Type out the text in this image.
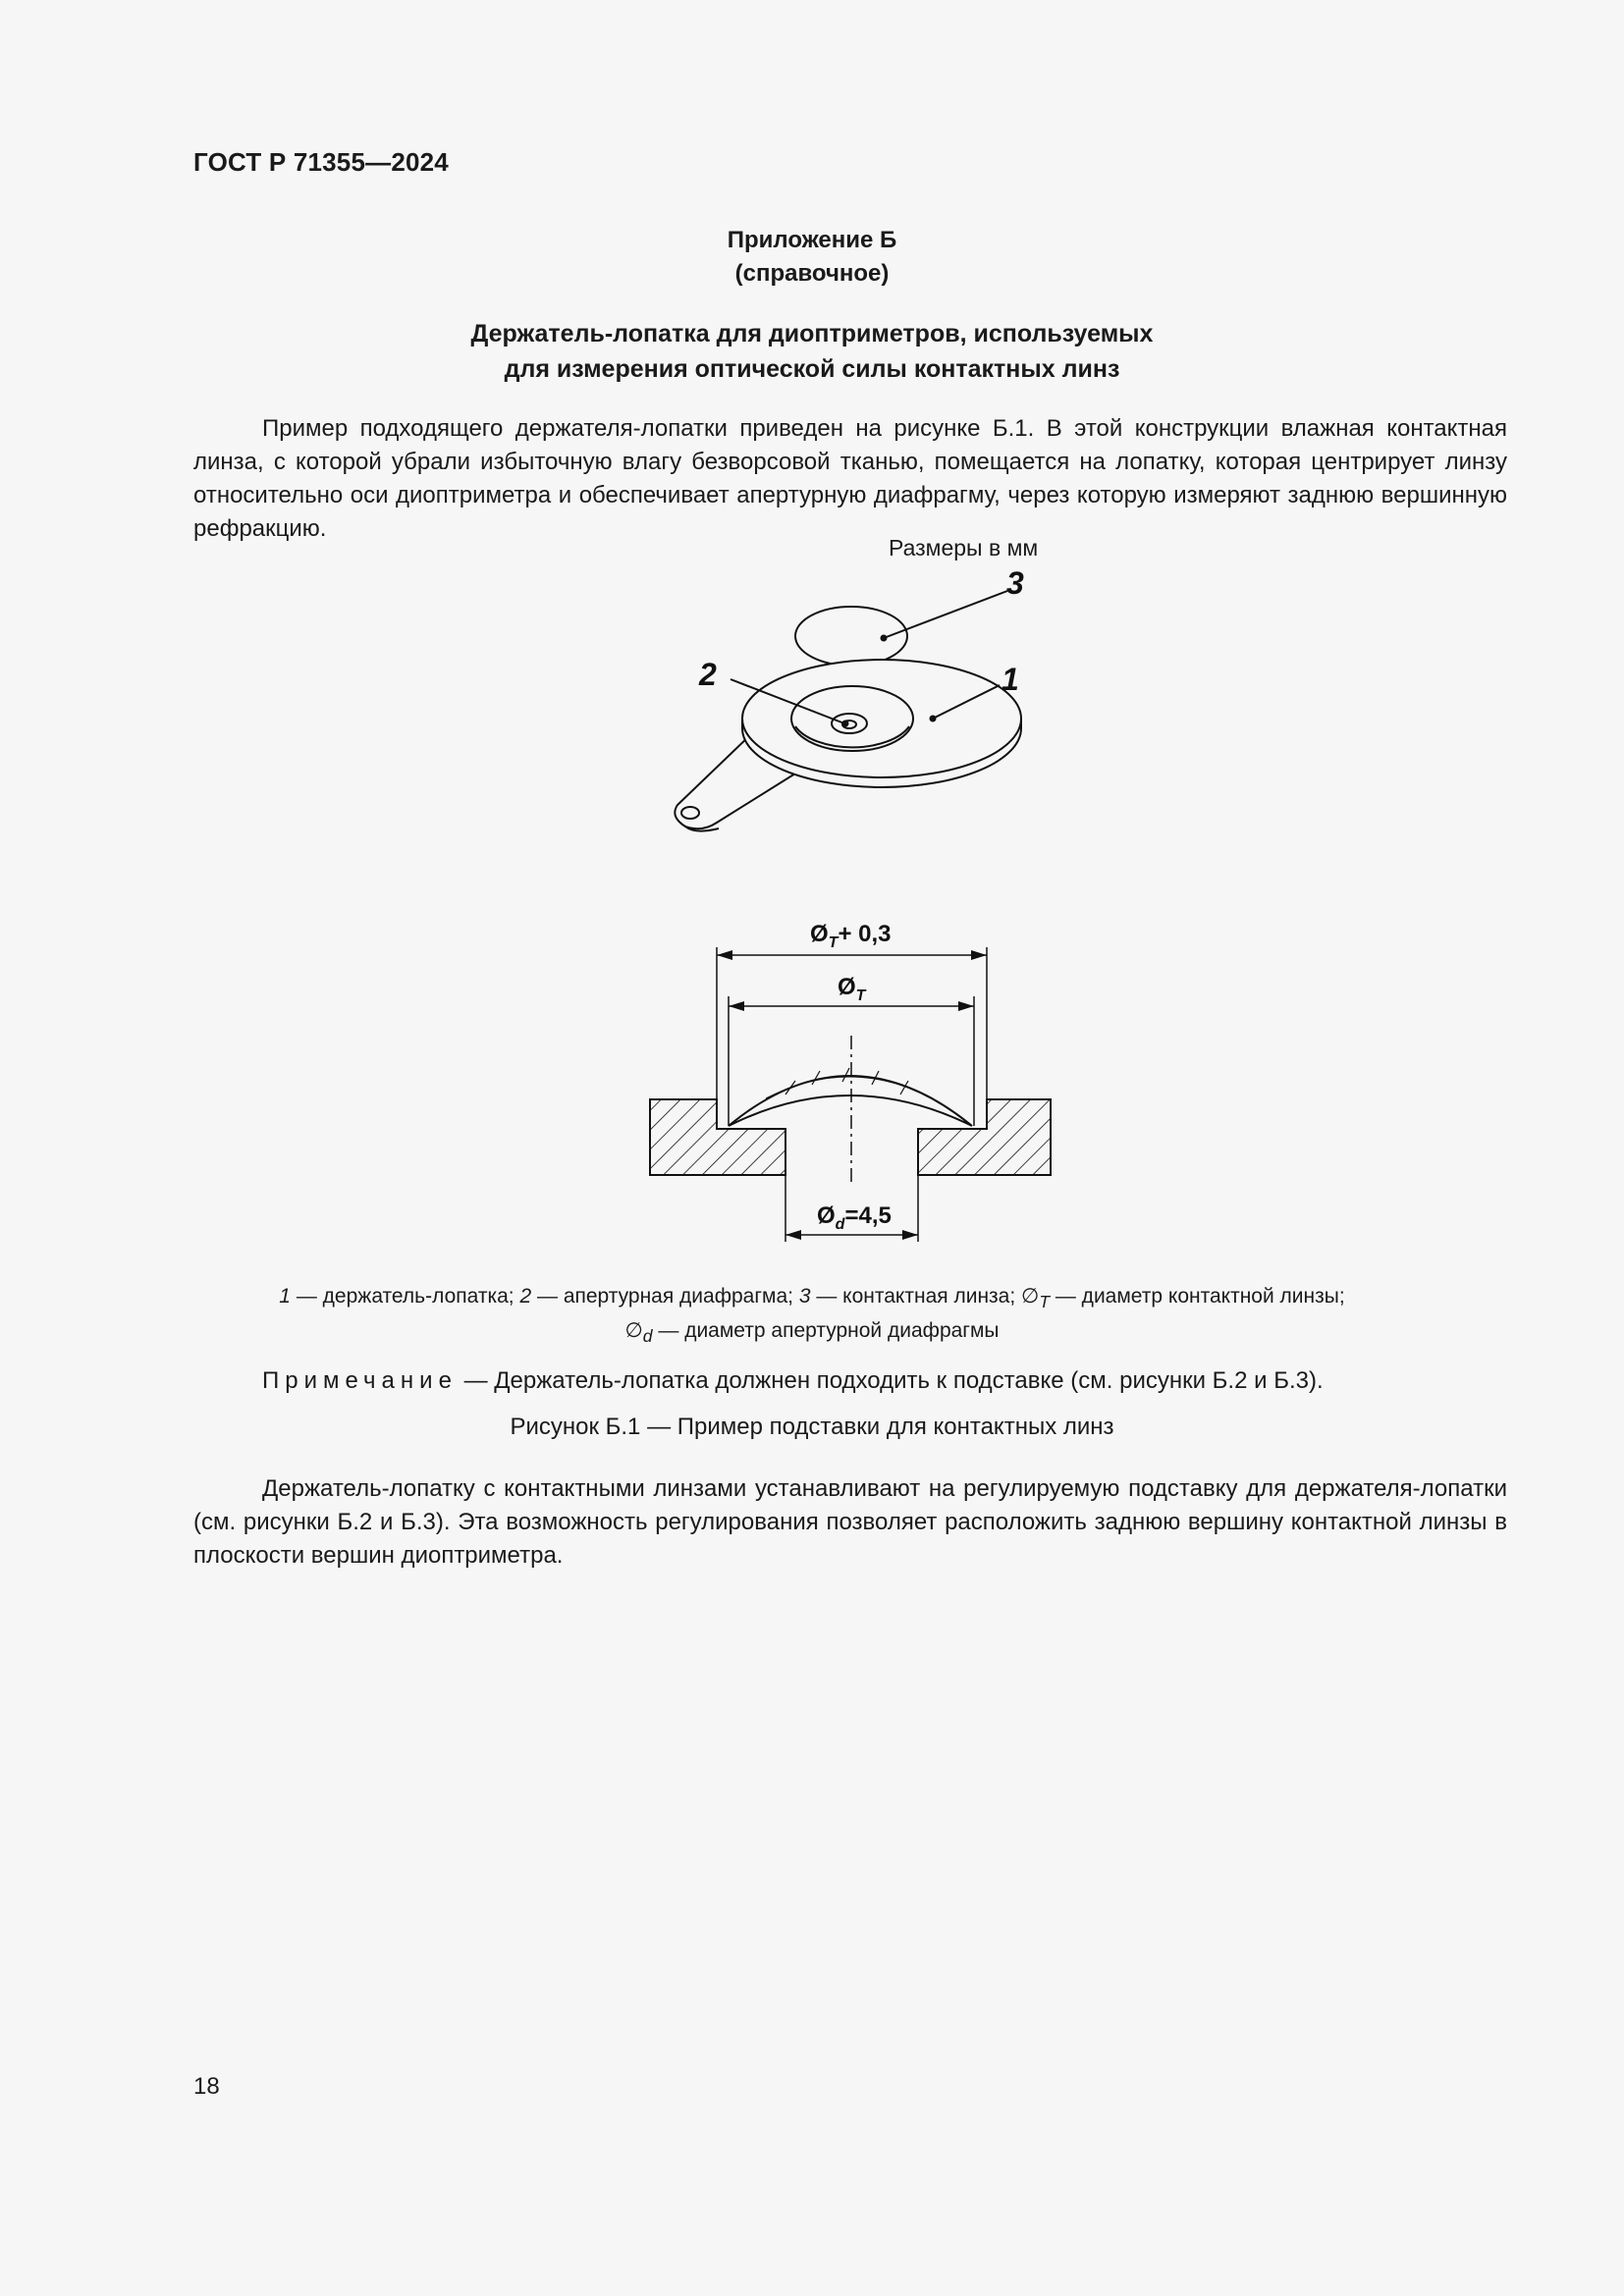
ГОСТ Р 71355—2024
Приложение Б
(справочное)
Держатель-лопатка для диоптриметров, используемых
для измерения оптической силы контактных линз

Пример подходящего держателя-лопатки приведен на рисунке Б.1. В этой конструкции влажная контактная линза, с которой убрали избыточную влагу безворсовой тканью, помещается на лопатку, которая центрирует линзу относительно оси диоптриметра и обеспечивает апертурную диафрагму, через которую измеряют заднюю вершинную рефракцию.

Размеры в мм
3
1
2
$Ø_T+ 0,3$
$Ø_T$
$Ø_d=4,5$
1 — держатель-лопатка; 2 — апертурная диафрагма; 3 — контактная линза; $\emptyset_T$ — диаметр контактной линзы;
$\emptyset_d$ — диаметр апертурной диафрагмы
Примечание — Держатель-лопатка должнен подходить к подставке (см. рисунки Б.2 и Б.3).
Рисунок Б.1 — Пример подставки для контактных линз

Держатель-лопатку с контактными линзами устанавливают на регулируемую подставку для держателя-лопатки (см. рисунки Б.2 и Б.3). Эта возможность регулирования позволяет расположить заднюю вершину контактной линзы в плоскости вершин диоптриметра.

18
